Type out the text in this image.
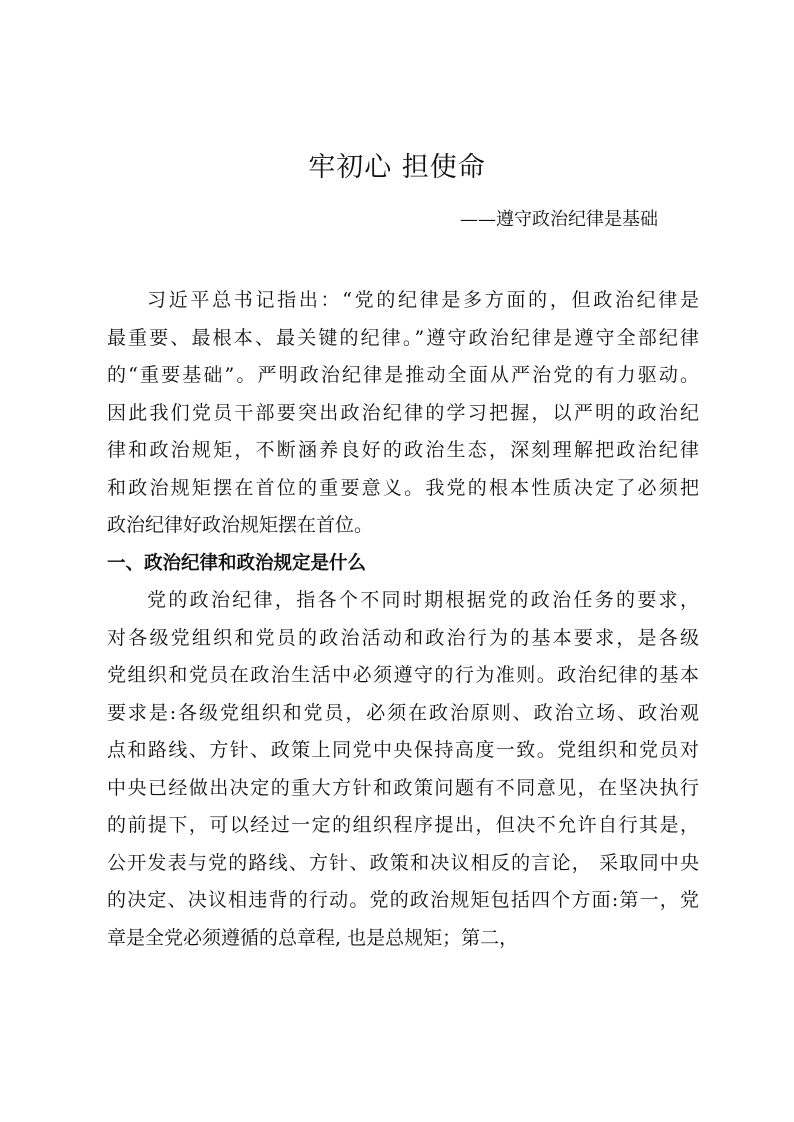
牢初心 担使命
——遵守政治纪律是基础
习近平总书记指出：“党的纪律是多方面的，但政治纪律是
最重要、最根本、最关键的纪律。”遵守政治纪律是遵守全部纪律
的“重要基础”。严明政治纪律是推动全面从严治党的有力驱动。
因此我们党员干部要突出政治纪律的学习把握，以严明的政治纪
律和政治规矩，不断涵养良好的政治生态，深刻理解把政治纪律
和政治规矩摆在首位的重要意义。我党的根本性质决定了必须把
政治纪律好政治规矩摆在首位。
一、政治纪律和政治规定是什么
党的政治纪律，指各个不同时期根据党的政治任务的要求，
对各级党组织和党员的政治活动和政治行为的基本要求，是各级
党组织和党员在政治生活中必须遵守的行为准则。政治纪律的基本
要求是:各级党组织和党员，必须在政治原则、政治立场、政治观
点和路线、方针、政策上同党中央保持高度一致。党组织和党员对
中央已经做出决定的重大方针和政策问题有不同意见，在坚决执行
的前提下，可以经过一定的组织程序提出，但决不允许自行其是，
公开发表与党的路线、方针、政策和决议相反的言论， 采取同中央
的决定、决议相违背的行动。党的政治规矩包括四个方面:第一，党
章是全党必须遵循的总章程, 也是总规矩；第二，
